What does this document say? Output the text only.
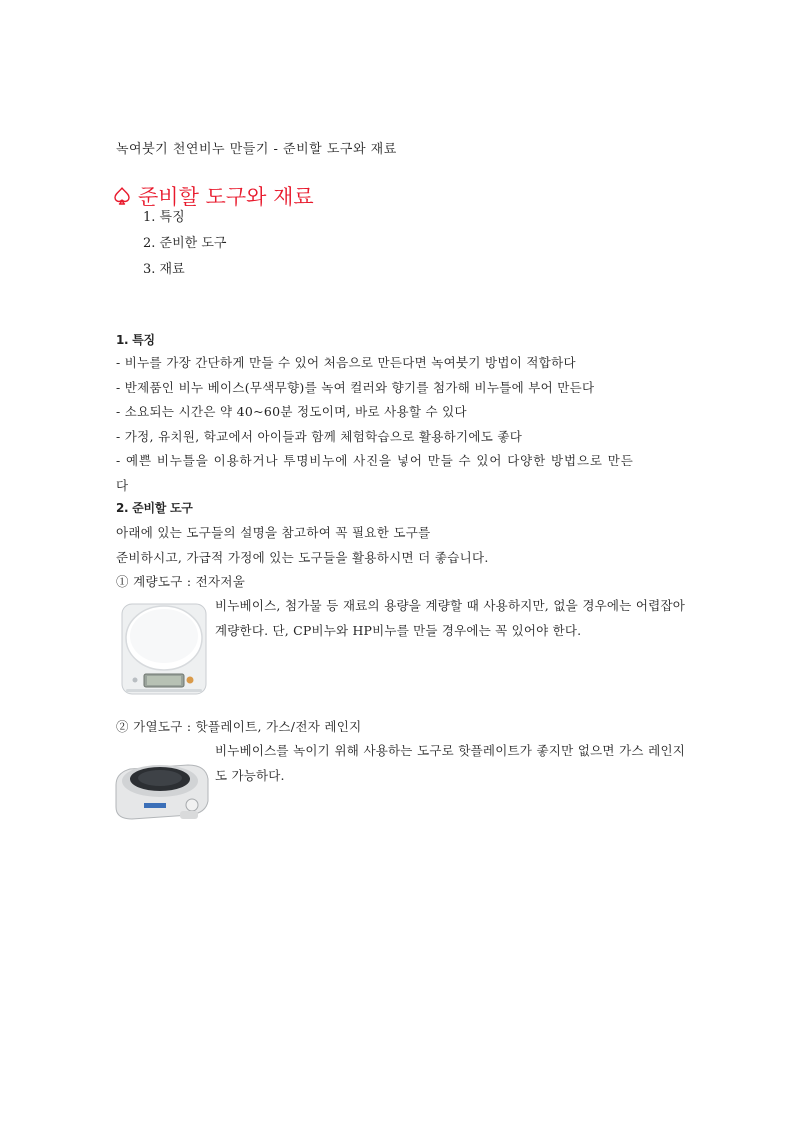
녹여붓기 천연비누 만들기 - 준비할 도구와 재료
준비할 도구와 재료
1. 특징
2. 준비한 도구
3. 재료
1. 특징
- 비누를 가장 간단하게 만들 수 있어 처음으로 만든다면 녹여붓기 방법이 적합하다
- 반제품인 비누 베이스(무색무향)를 녹여 컬러와 향기를 첨가해 비누틀에 부어 만든다
- 소요되는 시간은 약 40~60분 정도이며, 바로 사용할 수 있다
- 가정, 유치원, 학교에서 아이들과 함께 체험학습으로 활용하기에도 좋다
- 예쁜 비누틀을 이용하거나 투명비누에 사진을 넣어 만들 수 있어 다양한 방법으로 만든
다
2. 준비할 도구
아래에 있는 도구들의 설명을 참고하여 꼭 필요한 도구를
준비하시고, 가급적 가정에 있는 도구들을 활용하시면 더 좋습니다.
① 계량도구 : 전자저울
비누베이스, 첨가물 등 재료의 용량을 계량할 때 사용하지만, 없을 경우에는 어렵잡아 계량한다. 단, CP비누와 HP비누를 만들 경우에는 꼭 있어야 한다.
② 가열도구 : 핫플레이트, 가스/전자 레인지
비누베이스를 녹이기 위해 사용하는 도구로 핫플레이트가 좋지만 없으면 가스 레인지도 가능하다.
